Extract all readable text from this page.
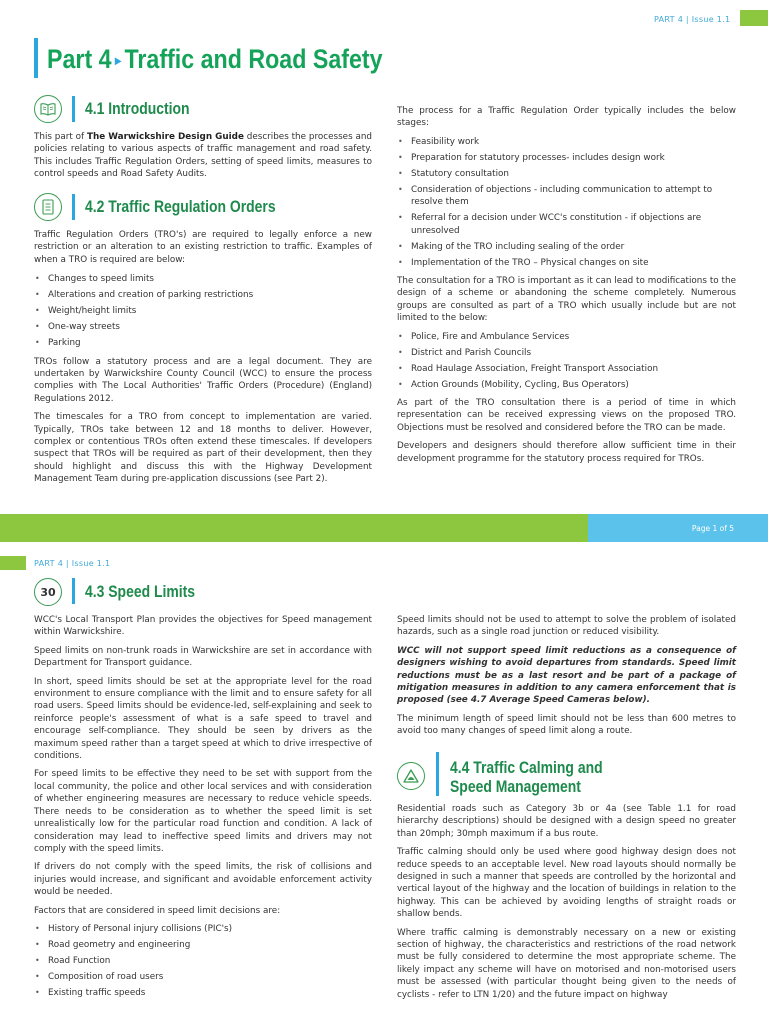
PART 4 | Issue 1.1
Part 4 ▸ Traffic and Road Safety
4.1 Introduction

This part of The Warwickshire Design Guide describes the processes and policies relating to various aspects of traffic management and road safety. This includes Traffic Regulation Orders, setting of speed limits, measures to control speeds and Road Safety Audits.

4.2 Traffic Regulation Orders

Traffic Regulation Orders (TRO's) are required to legally enforce a new restriction or an alteration to an existing restriction to traffic. Examples of when a TRO is required are below:

• Changes to speed limits
• Alterations and creation of parking restrictions
• Weight/height limits
• One-way streets
• Parking

TROs follow a statutory process and are a legal document. They are undertaken by Warwickshire County Council (WCC) to ensure the process complies with The Local Authorities' Traffic Orders (Procedure) (England) Regulations 2012.

The timescales for a TRO from concept to implementation are varied. Typically, TROs take between 12 and 18 months to deliver. However, complex or contentious TROs often extend these timescales. If developers suspect that TROs will be required as part of their development, then they should highlight and discuss this with the Highway Development Management Team during pre-application discussions (see Part 2).

The process for a Traffic Regulation Order typically includes the below stages:

• Feasibility work
• Preparation for statutory processes- includes design work
• Statutory consultation
• Consideration of objections - including communication to attempt to resolve them
• Referral for a decision under WCC's constitution - if objections are unresolved
• Making of the TRO including sealing of the order
• Implementation of the TRO – Physical changes on site

The consultation for a TRO is important as it can lead to modifications to the design of a scheme or abandoning the scheme completely. Numerous groups are consulted as part of a TRO which usually include but are not limited to the below:

• Police, Fire and Ambulance Services
• District and Parish Councils
• Road Haulage Association, Freight Transport Association
• Action Grounds (Mobility, Cycling, Bus Operators)

As part of the TRO consultation there is a period of time in which representation can be received expressing views on the proposed TRO. Objections must be resolved and considered before the TRO can be made.

Developers and designers should therefore allow sufficient time in their development programme for the statutory process required for TROs.

Page 1 of 5
PART 4 | Issue 1.1
30	4.3 Speed Limits

WCC's Local Transport Plan provides the objectives for Speed management within Warwickshire.

Speed limits on non-trunk roads in Warwickshire are set in accordance with Department for Transport guidance.

In short, speed limits should be set at the appropriate level for the road environment to ensure compliance with the limit and to ensure safety for all road users. Speed limits should be evidence-led, self-explaining and seek to reinforce people's assessment of what is a safe speed to travel and encourage self-compliance. They should be seen by drivers as the maximum speed rather than a target speed at which to drive irrespective of conditions.

For speed limits to be effective they need to be set with support from the local community, the police and other local services and with consideration of whether engineering measures are necessary to reduce vehicle speeds. There needs to be consideration as to whether the speed limit is set unrealistically low for the particular road function and condition. A lack of consideration may lead to ineffective speed limits and drivers may not comply with the speed limits.

If drivers do not comply with the speed limits, the risk of collisions and injuries would increase, and significant and avoidable enforcement activity would be needed.

Factors that are considered in speed limit decisions are:

• History of Personal injury collisions (PIC's)
• Road geometry and engineering
• Road Function
• Composition of road users
• Existing traffic speeds

Speed limits should not be used to attempt to solve the problem of isolated hazards, such as a single road junction or reduced visibility.

WCC will not support speed limit reductions as a consequence of designers wishing to avoid departures from standards. Speed limit reductions must be as a last resort and be part of a package of mitigation measures in addition to any camera enforcement that is proposed (see 4.7 Average Speed Cameras below).

The minimum length of speed limit should not be less than 600 metres to avoid too many changes of speed limit along a route.

4.4 Traffic Calming and
Speed Management

Residential roads such as Category 3b or 4a (see Table 1.1 for road hierarchy descriptions) should be designed with a design speed no greater than 20mph; 30mph maximum if a bus route.

Traffic calming should only be used where good highway design does not reduce speeds to an acceptable level. New road layouts should normally be designed in such a manner that speeds are controlled by the horizontal and vertical layout of the highway and the location of buildings in relation to the highway. This can be achieved by avoiding lengths of straight roads or shallow bends.

Where traffic calming is demonstrably necessary on a new or existing section of highway, the characteristics and restrictions of the road network must be fully considered to determine the most appropriate scheme. The likely impact any scheme will have on motorised and non-motorised users must be assessed (with particular thought being given to the needs of cyclists - refer to LTN 1/20) and the future impact on highway
